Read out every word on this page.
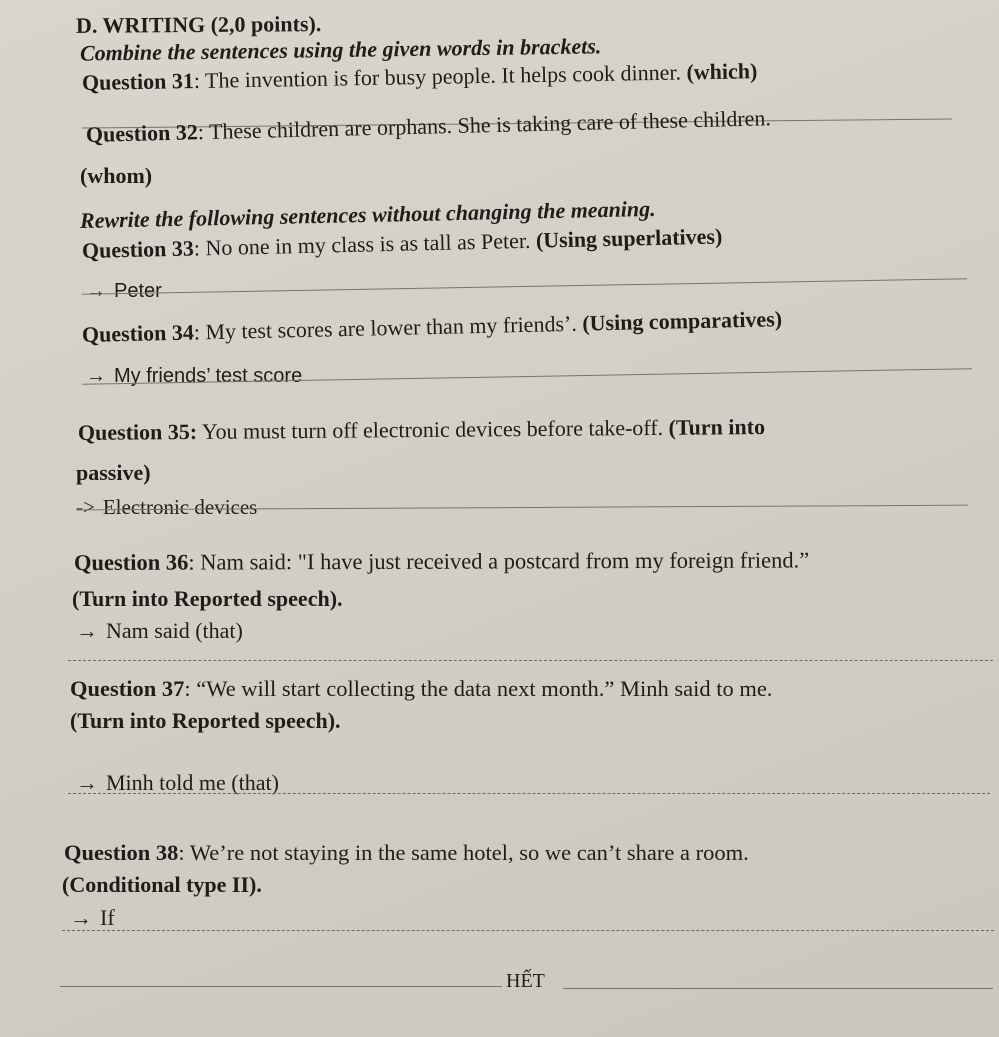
D. WRITING (2,0 points).
Combine the sentences using the given words in brackets.
Question 31: The invention is for busy people. It helps cook dinner. (which)
Question 32: These children are orphans. She is taking care of these children.
(whom)
Rewrite the following sentences without changing the meaning.
Question 33: No one in my class is as tall as Peter. (Using superlatives)
→ Peter
Question 34: My test scores are lower than my friends’. (Using comparatives)
→ My friends’ test score
Question 35: You must turn off electronic devices before take-off. (Turn into
passive)
-> Electronic devices
Question 36: Nam said: "I have just received a postcard from my foreign friend.”
(Turn into Reported speech).
→ Nam said (that)
Question 37: “We will start collecting the data next month.” Minh said to me.
(Turn into Reported speech).
→ Minh told me (that)
Question 38: We’re not staying in the same hotel, so we can’t share a room.
(Conditional type II).
→ If
HẾT
